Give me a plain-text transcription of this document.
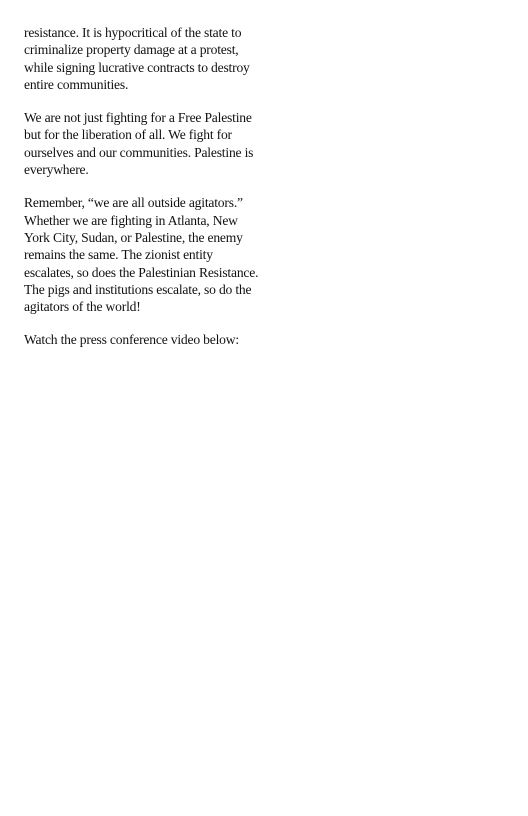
resistance. It is hypocritical of the state to criminalize property damage at a protest, while signing lucrative contracts to destroy entire communities.

We are not just fighting for a Free Palestine but for the liberation of all. We fight for ourselves and our communities. Palestine is everywhere.

Remember, “we are all outside agitators.” Whether we are fighting in Atlanta, New York City, Sudan, or Palestine, the enemy remains the same. The zionist entity escalates, so does the Palestinian Resistance. The pigs and institutions escalate, so do the agitators of the world!

Watch the press conference video below:
